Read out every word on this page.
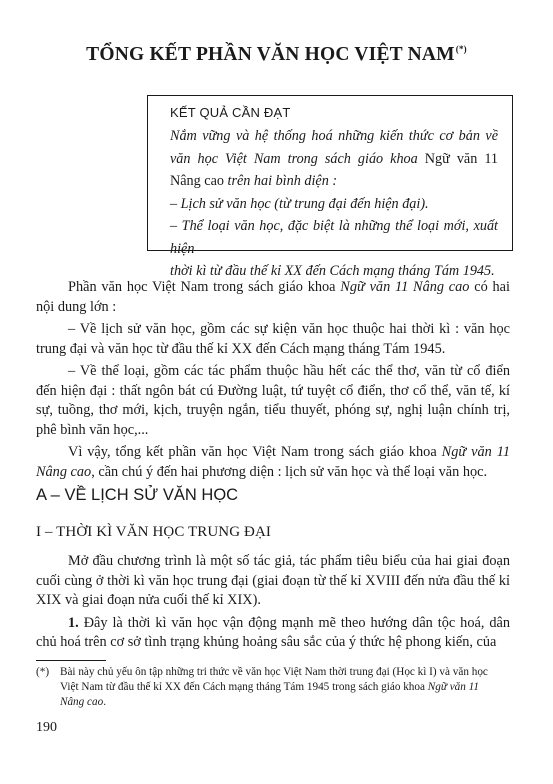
TỔNG KẾT PHẦN VĂN HỌC VIỆT NAM(*)
KẾT QUẢ CẦN ĐẠT

Nắm vững và hệ thống hoá những kiến thức cơ bản về

văn học Việt Nam trong sách giáo khoa Ngữ văn 11

Nâng cao trên hai bình diện :

– Lịch sử văn học (từ trung đại đến hiện đại).

– Thể loại văn học, đặc biệt là những thể loại mới, xuất hiện

thời kì từ đầu thế kỉ XX đến Cách mạng tháng Tám 1945.

Phần văn học Việt Nam trong sách giáo khoa Ngữ văn 11 Nâng cao có hai nội dung lớn :

– Về lịch sử văn học, gồm các sự kiện văn học thuộc hai thời kì : văn học trung đại và văn học từ đầu thế kỉ XX đến Cách mạng tháng Tám 1945.

– Về thể loại, gồm các tác phẩm thuộc hầu hết các thể thơ, văn từ cổ điển đến hiện đại : thất ngôn bát cú Đường luật, tứ tuyệt cổ điển, thơ cổ thể, văn tế, kí sự, tuồng, thơ mới, kịch, truyện ngắn, tiểu thuyết, phóng sự, nghị luận chính trị, phê bình văn học,...

Vì vậy, tổng kết phần văn học Việt Nam trong sách giáo khoa Ngữ văn 11 Nâng cao, cần chú ý đến hai phương diện : lịch sử văn học và thể loại văn học.

A – VỀ LỊCH SỬ VĂN HỌC
I – THỜI KÌ VĂN HỌC TRUNG ĐẠI

Mở đầu chương trình là một số tác giả, tác phẩm tiêu biểu của hai giai đoạn cuối cùng ở thời kì văn học trung đại (giai đoạn từ thế kỉ XVIII đến nửa đầu thế kỉ XIX và giai đoạn nửa cuối thế kỉ XIX).

1. Đây là thời kì văn học vận động mạnh mẽ theo hướng dân tộc hoá, dân chủ hoá trên cơ sở tình trạng khủng hoảng sâu sắc của ý thức hệ phong kiến, của

(*) Bài này chủ yếu ôn tập những tri thức về văn học Việt Nam thời trung đại (Học kì I) và văn học
Việt Nam từ đầu thế kỉ XX đến Cách mạng tháng Tám 1945 trong sách giáo khoa Ngữ văn 11
Nâng cao.
190
